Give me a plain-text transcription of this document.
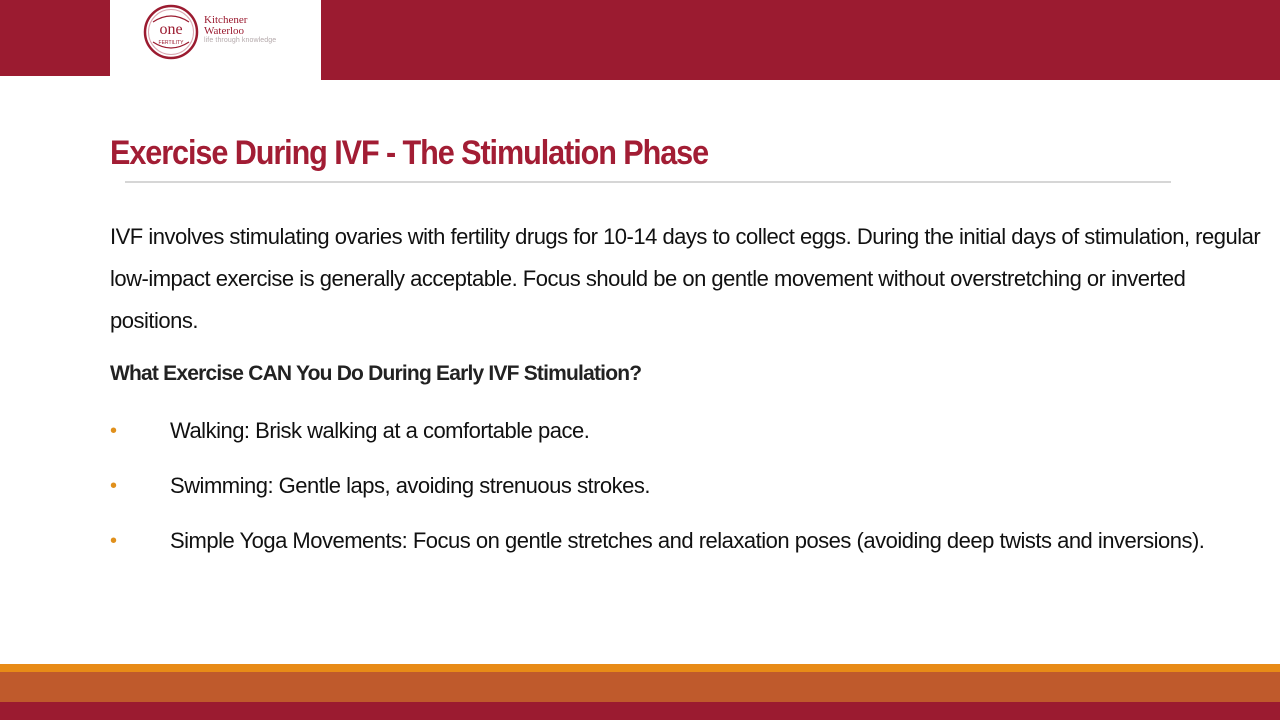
one
FERTILITY
Kitchener
Waterloo
life through knowledge
Exercise During IVF - The Stimulation Phase

IVF involves stimulating ovaries with fertility drugs for 10-14 days to collect eggs. During the initial days of stimulation, regular low-impact exercise is generally acceptable. Focus should be on gentle movement without overstretching or inverted positions.

What Exercise CAN You Do During Early IVF Stimulation?
• Walking: Brisk walking at a comfortable pace.
• Swimming: Gentle laps, avoiding strenuous strokes.
• Simple Yoga Movements: Focus on gentle stretches and relaxation poses (avoiding deep twists and inversions).
